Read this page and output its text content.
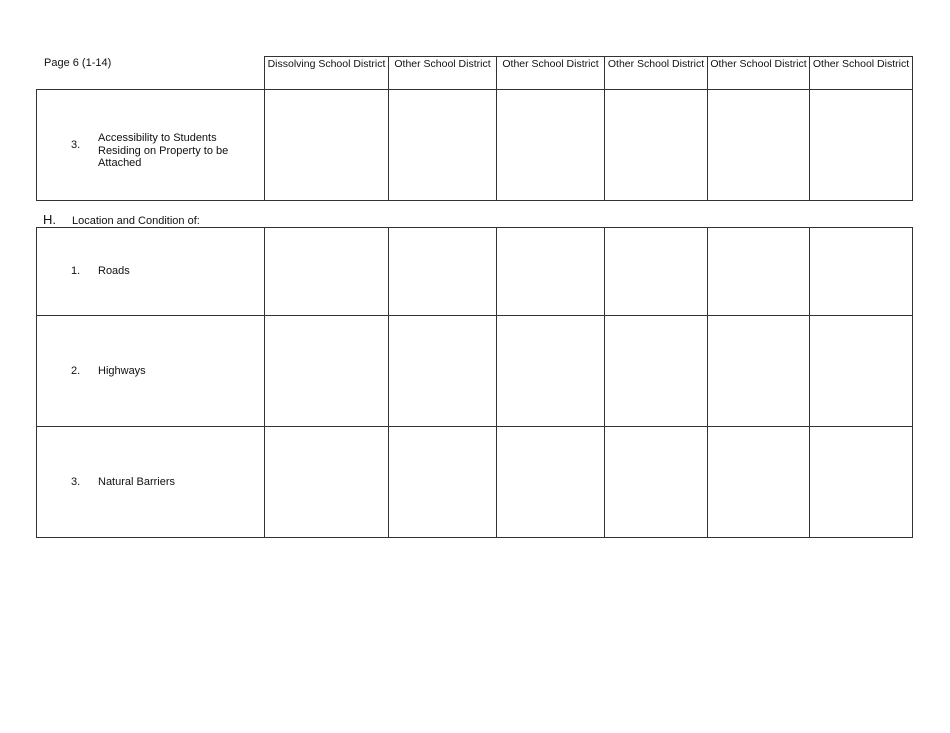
Page 6 (1-14)	Dissolving School District Other School District	Other School District Other School District Other School District Other School District
3.
Accessibility to Students
Residing on Property to be
Attached
H. Location and Condition of:
1. Roads
2. Highways
3. Natural Barriers
